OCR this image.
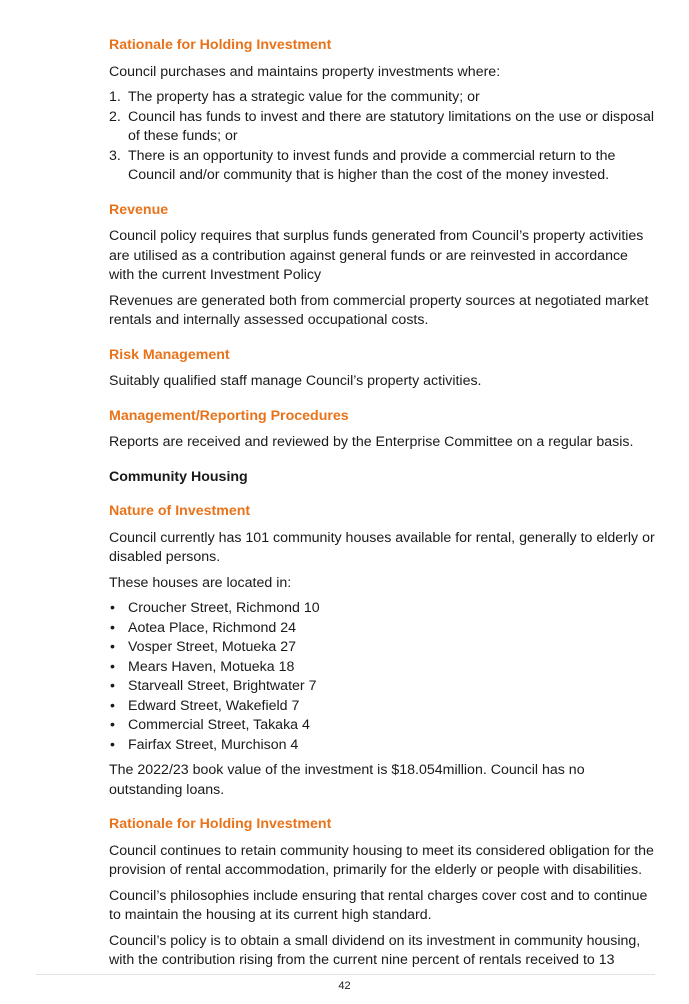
Rationale for Holding Investment

Council purchases and maintains property investments where:

1. The property has a strategic value for the community; or
2. Council has funds to invest and there are statutory limitations on the use or disposal of these funds; or
3. There is an opportunity to invest funds and provide a commercial return to the Council and/or community that is higher than the cost of the money invested.
Revenue

Council policy requires that surplus funds generated from Council’s property activities are utilised as a contribution against general funds or are reinvested in accordance with the current Investment Policy

Revenues are generated both from commercial property sources at negotiated market rentals and internally assessed occupational costs.

Risk Management

Suitably qualified staff manage Council’s property activities.

Management/Reporting Procedures

Reports are received and reviewed by the Enterprise Committee on a regular basis.

Community Housing
Nature of Investment

Council currently has 101 community houses available for rental, generally to elderly or disabled persons.

These houses are located in:

• Croucher Street, Richmond 10
• Aotea Place, Richmond 24
• Vosper Street, Motueka 27
• Mears Haven, Motueka 18
• Starveall Street, Brightwater 7
• Edward Street, Wakefield 7
• Commercial Street, Takaka 4
• Fairfax Street, Murchison 4

The 2022/23 book value of the investment is $18.054million. Council has no outstanding loans.

Rationale for Holding Investment

Council continues to retain community housing to meet its considered obligation for the provision of rental accommodation, primarily for the elderly or people with disabilities.

Council’s philosophies include ensuring that rental charges cover cost and to continue to maintain the housing at its current high standard.

Council’s policy is to obtain a small dividend on its investment in community housing, with the contribution rising from the current nine percent of rentals received to 13

42
